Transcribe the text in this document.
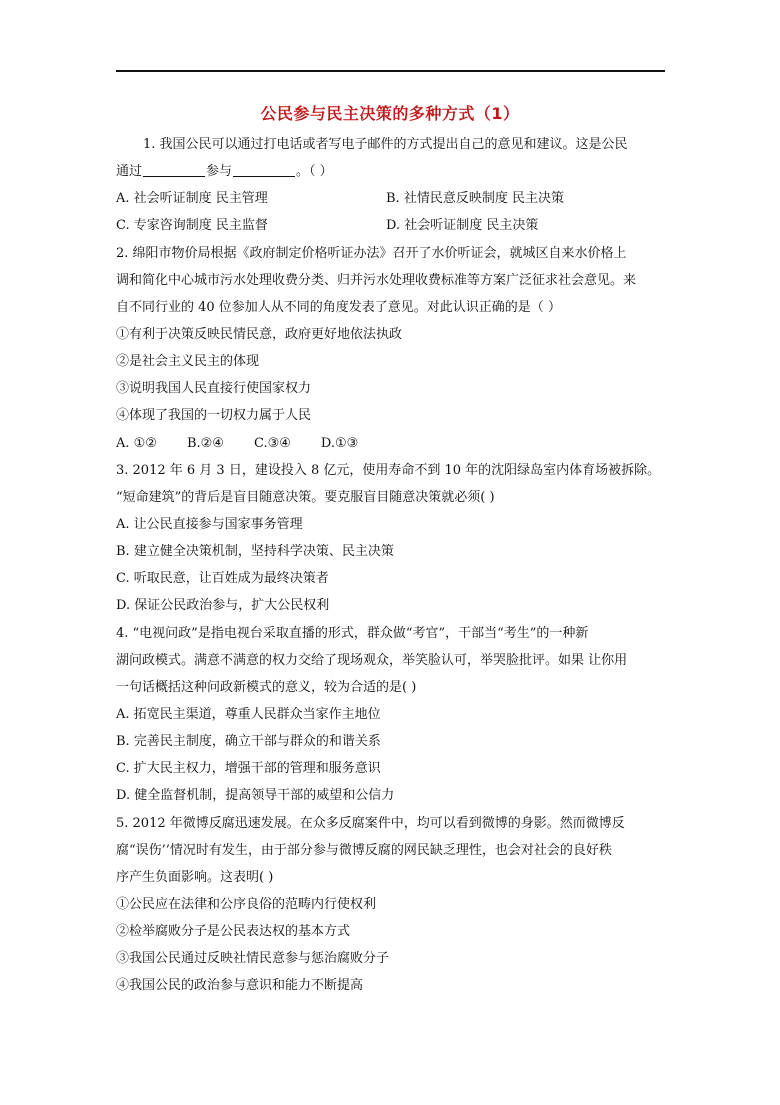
公民参与民主决策的多种方式（1）
1. 我国公民可以通过打电话或者写电子邮件的方式提出自己的意见和建议。这是公民
通过	参与	。（ ）
A. 社会听证制度 民主管理	B. 社情民意反映制度 民主决策
C. 专家咨询制度 民主监督	D. 社会听证制度 民主决策
2. 绵阳市物价局根据《政府制定价格听证办法》召开了水价听证会，就城区自来水价格上
调和简化中心城市污水处理收费分类、归并污水处理收费标准等方案广泛征求社会意见。来
自不同行业的 40 位参加人从不同的角度发表了意见。对此认识正确的是（ ）
①有利于决策反映民情民意，政府更好地依法执政
②是社会主义民主的体现
③说明我国人民直接行使国家权力
④体现了我国的一切权力属于人民
A. ①② B.②④ C.③④ D.①③
3. 2012 年 6 月 3 日，建设投入 8 亿元，使用寿命不到 10 年的沈阳绿岛室内体育场被拆除。
“短命建筑”的背后是盲目随意决策。要克服盲目随意决策就必须( )
A. 让公民直接参与国家事务管理
B. 建立健全决策机制，坚持科学决策、民主决策
C. 听取民意，让百姓成为最终决策者
D. 保证公民政治参与，扩大公民权利
4. “电视问政”是指电视台采取直播的形式，群众做“考官”，干部当“考生”的一种新
湖问政模式。满意不满意的权力交给了现场观众，举笑脸认可，举哭脸批评。如果 让你用
一句话概括这种问政新模式的意义，较为合适的是( )
A. 拓宽民主渠道，尊重人民群众当家作主地位
B. 完善民主制度，确立干部与群众的和谐关系
C. 扩大民主权力，增强干部的管理和服务意识
D. 健全监督机制，提高领导干部的威望和公信力
5. 2012 年微博反腐迅速发展。在众多反腐案件中，均可以看到微博的身影。然而微博反
腐“误伤’’情况时有发生，由于部分参与微博反腐的网民缺乏理性，也会对社会的良好秩
序产生负面影响。这表明( )
①公民应在法律和公序良俗的范畴内行使权利
②检举腐败分子是公民表达权的基本方式
③我国公民通过反映社情民意参与惩治腐败分子
④我国公民的政治参与意识和能力不断提高
